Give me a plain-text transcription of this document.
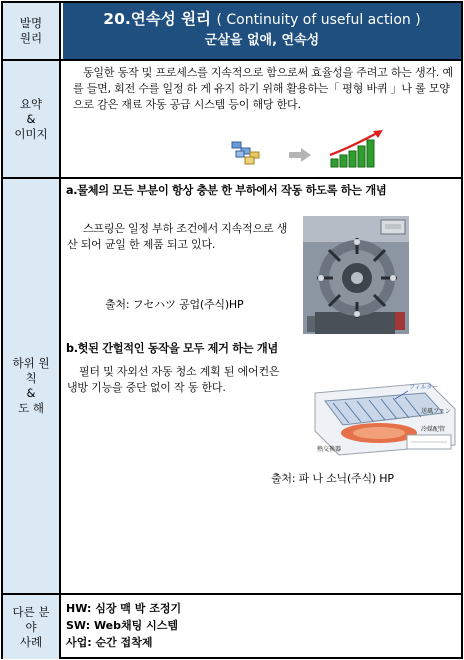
발명
원리
요약
&
이미지
하위 원
칙
&
도 해
다른 분
야
사례
20.연속성 원리 ( Continuity of useful action )
군살을 없애, 연속성

동일한 동작 및 프로세스를 지속적으로 함으로써 효율성을 주려고 하는 생각. 예를 들면, 회전 수를 일정 하 게 유지 하기 위해 활용하는「 평형 바퀴 」나 롤 모양으로 감은 재료 자동 공급 시스템 등이 해당 한다.

a.물체의 모든 부분이 항상 충분 한 부하에서 작동 하도록 하는 개념
스프링은 일정 부하 조건에서 지속적으로 생산 되어 균일 한 제품 되고 있다.
출처: フセハツ 공업(주식)HP
b.헛된 간헐적인 동작을 모두 제거 하는 개념
필터 및 자외선 자동 청소 계획 된 에어컨은 냉방 기능을 중단 없이 작 동 한다.
출처: 파 나 소닉(주식) HP
フィルター
送風ファン
熱交換器
冷媒配管
HW: 심장 맥 박 조정기
SW: Web채팅 시스템
사업: 순간 접착제
